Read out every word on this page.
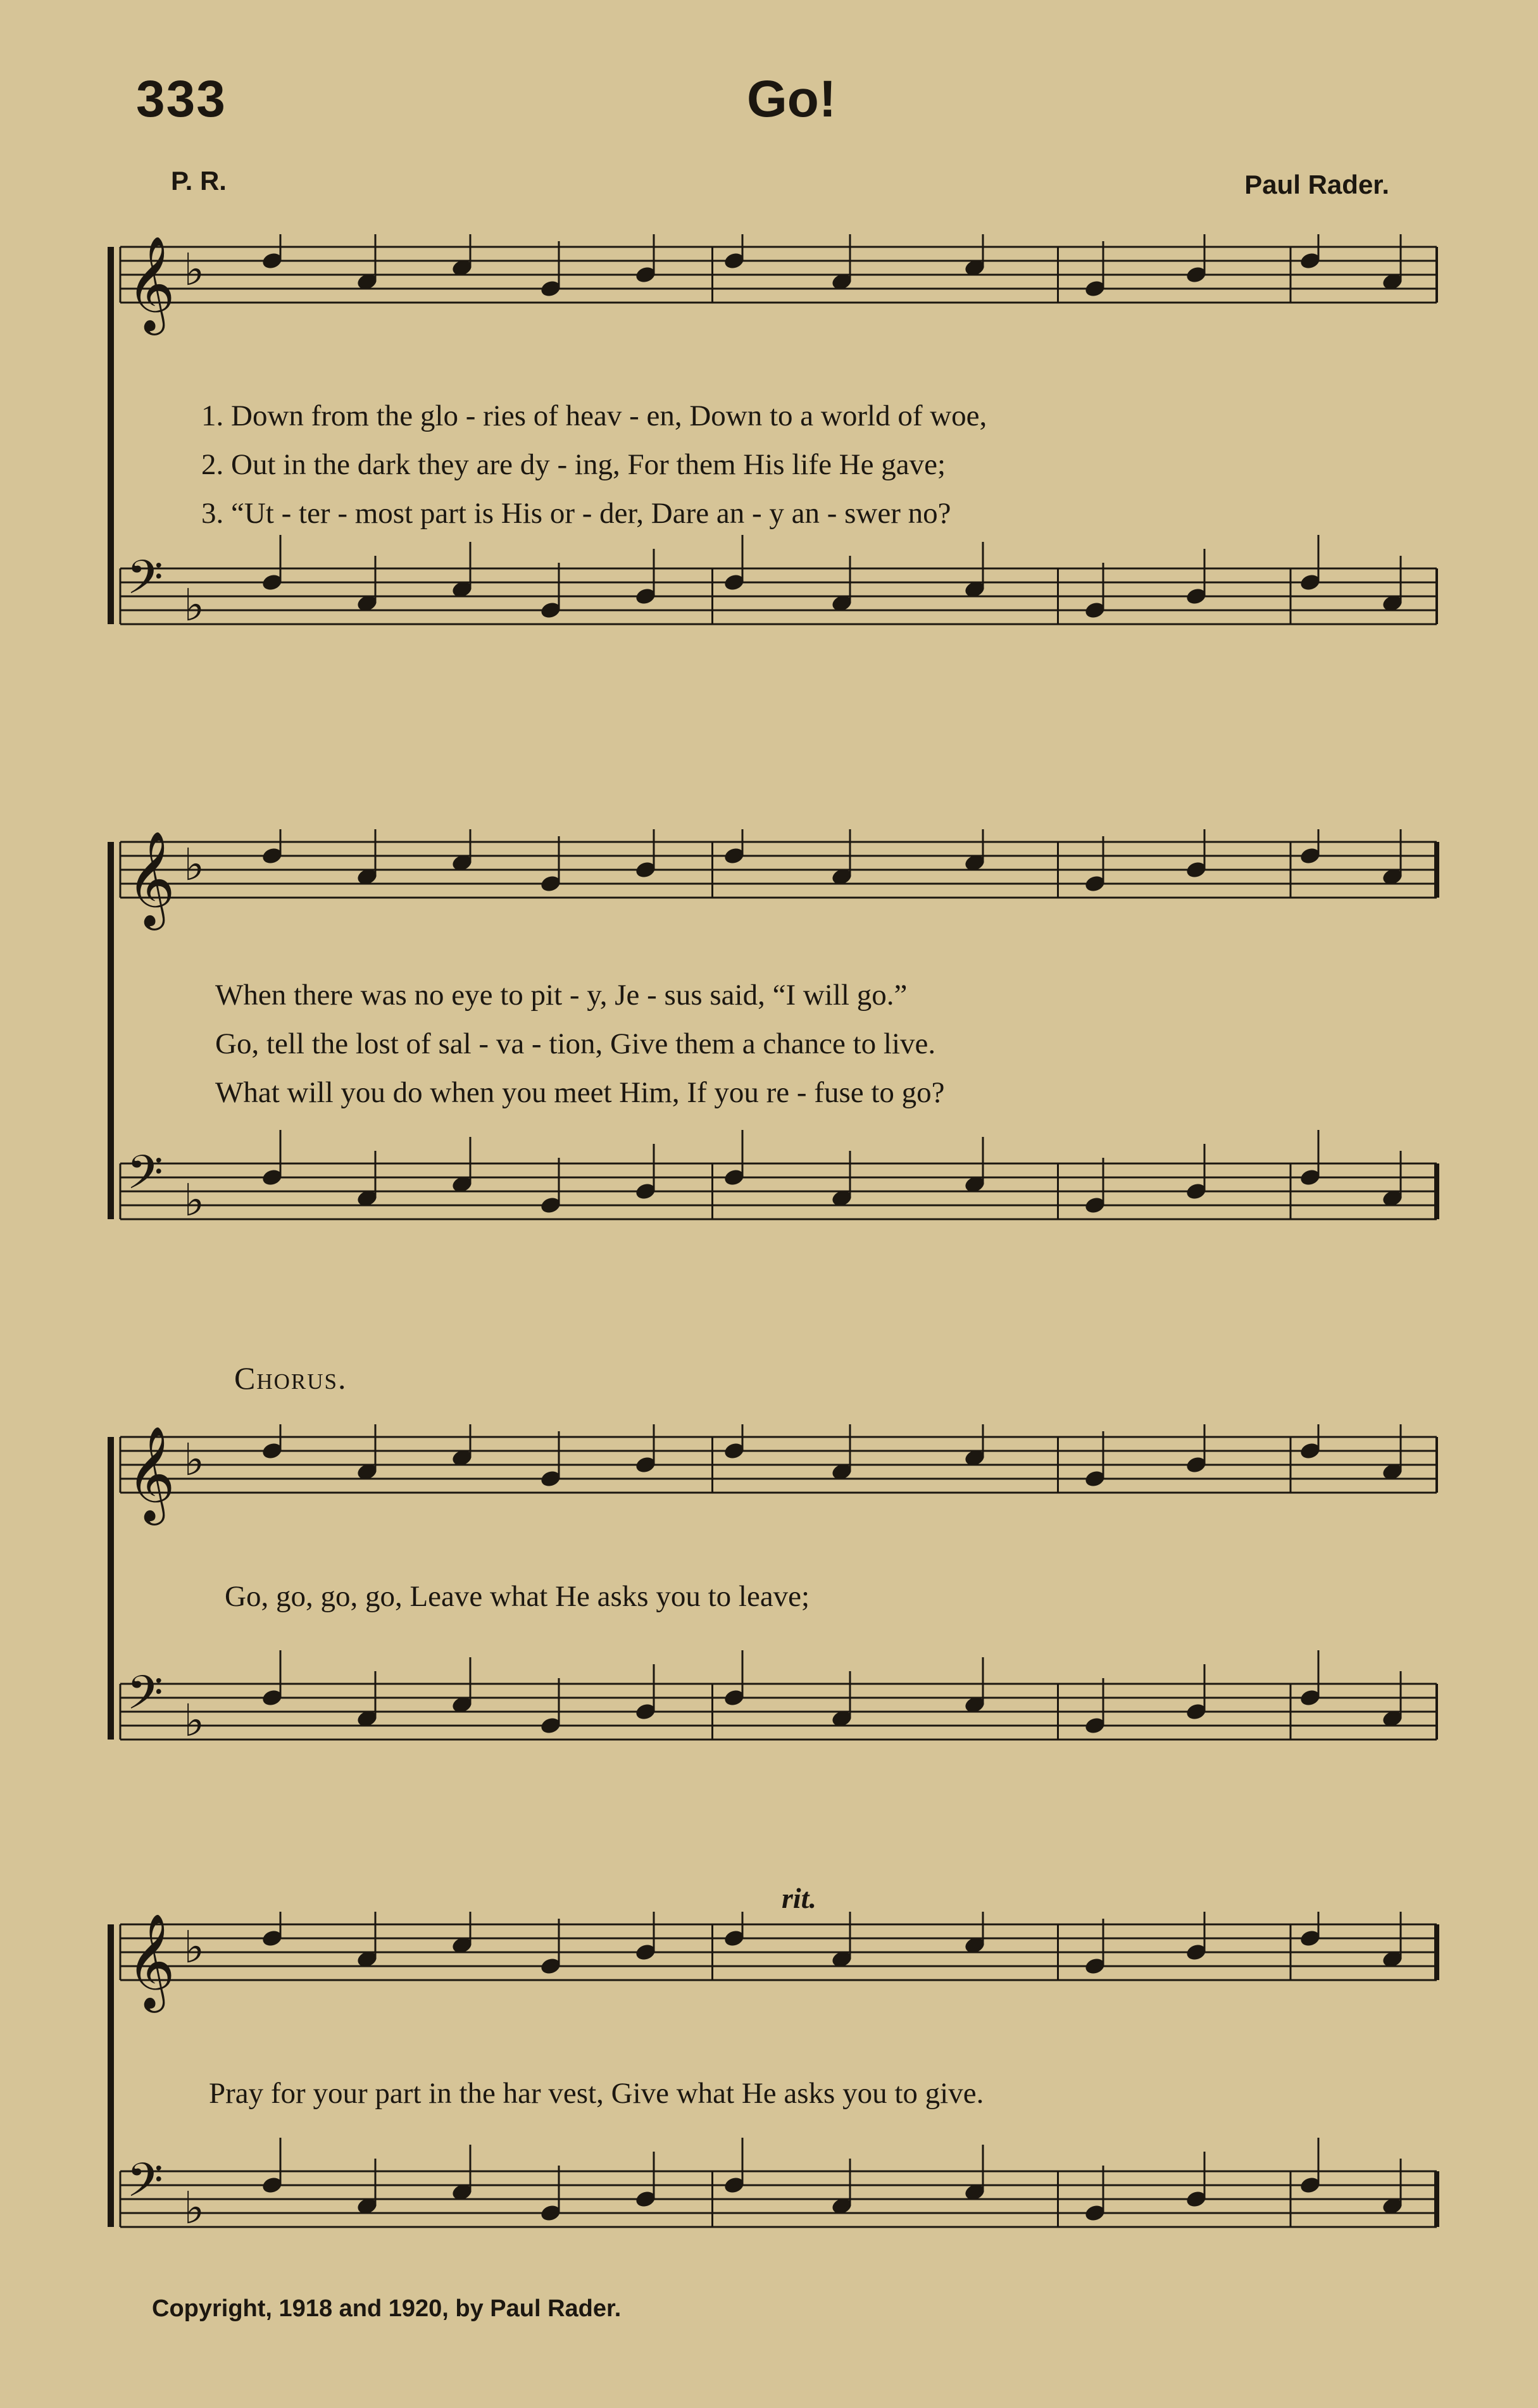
333	Go!
P. R.	Paul Rader.
𝄞 ♭
𝄢 ♭
1. Down from the glo - ries of heav - en, Down to a world of woe,
2. Out in the dark they are dy - ing, For them His life He gave;
3. “Ut - ter - most part is His or - der, Dare an - y an - swer no?
𝄞 ♭
𝄢 ♭
When there was no eye to pit - y, Je - sus said, “I will go.”
Go, tell the lost of sal - va - tion, Give them a chance to live.
What will you do when you meet Him, If you re - fuse to go?
Chorus.
𝄞 ♭
𝄢 ♭
Go, go, go, go, Leave what He asks you to leave;
rit.
𝄞 ♭
𝄢 ♭
Pray for your part in the har vest, Give what He asks you to give.
Copyright, 1918 and 1920, by Paul Rader.
